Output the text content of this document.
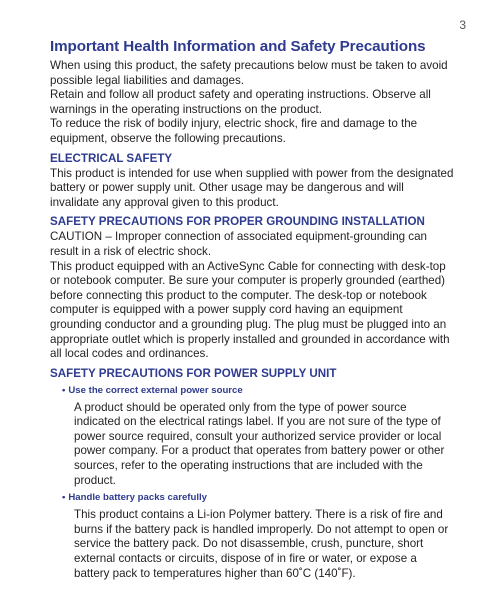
3
Important Health Information and Safety Precautions

When using this product, the safety precautions below must be taken to avoid possible legal liabilities and damages.

Retain and follow all product safety and operating instructions. Observe all warnings in the operating instructions on the product.

To reduce the risk of bodily injury, electric shock, fire and damage to the equipment, observe the following precautions.

ELECTRICAL SAFETY

This product is intended for use when supplied with power from the designated battery or power supply unit. Other usage may be dangerous and will invalidate any approval given to this product.

SAFETY PRECAUTIONS FOR PROPER GROUNDING INSTALLATION

CAUTION – Improper connection of associated equipment-grounding can result in a risk of electric shock.

This product equipped with an ActiveSync Cable for connecting with desk-top or notebook computer. Be sure your computer is properly grounded (earthed) before connecting this product to the computer. The desk-top or notebook computer is equipped with a power supply cord having an equipment grounding conductor and a grounding plug. The plug must be plugged into an appropriate outlet which is properly installed and grounded in accordance with all local codes and ordinances.

SAFETY PRECAUTIONS FOR POWER SUPPLY UNIT
• Use the correct external power source

A product should be operated only from the type of power source indicated on the electrical ratings label. If you are not sure of the type of power source required, consult your authorized service provider or local power company. For a product that operates from battery power or other sources, refer to the operating instructions that are included with the product.

• Handle battery packs carefully

This product contains a Li-ion Polymer battery. There is a risk of fire and burns if the battery pack is handled improperly. Do not attempt to open or service the battery pack. Do not disassemble, crush, puncture, short external contacts or circuits, dispose of in fire or water, or expose a battery pack to temperatures higher than 60˚C (140˚F).
